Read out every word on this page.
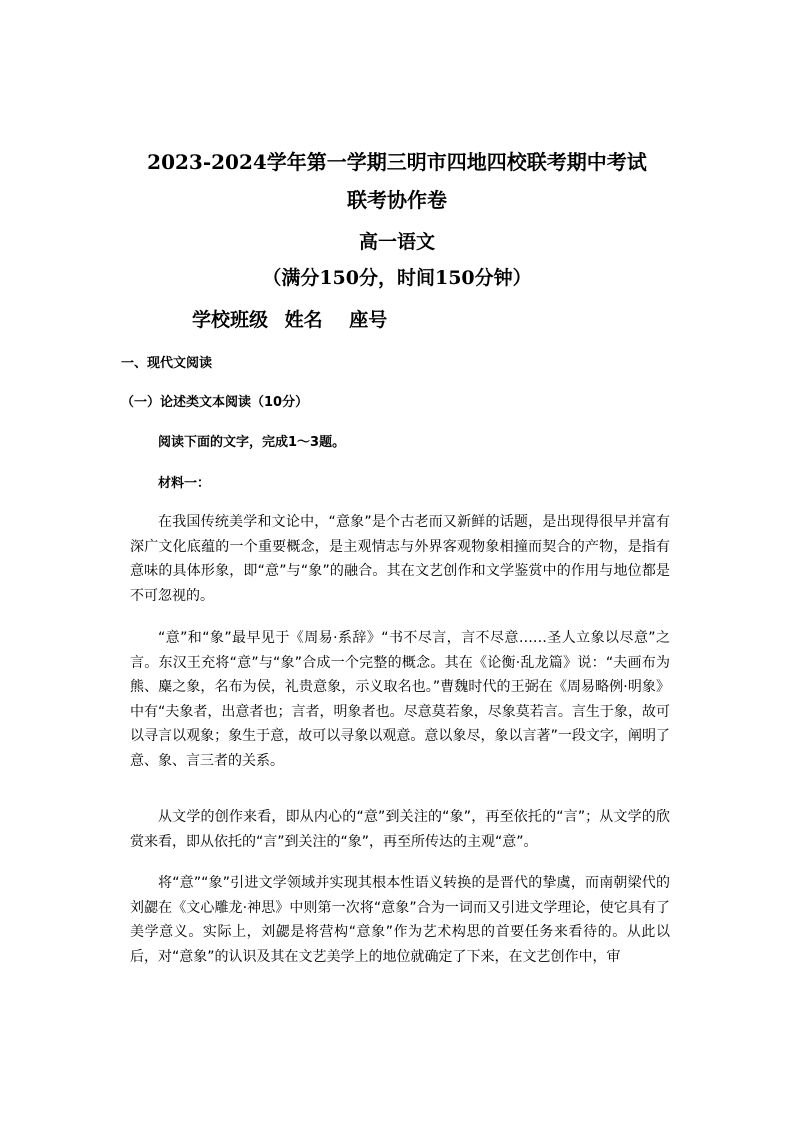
2023-2024学年第一学期三明市四地四校联考期中考试
联考协作卷
高一语文
（满分150分，时间150分钟）
学校班级 姓名 座号
一、现代文阅读
（一）论述类文本阅读（10分）
阅读下面的文字，完成1～3题。
材料一：

在我国传统美学和文论中，“意象”是个古老而又新鲜的话题，是出现得很早并富有深广文化底蕴的一个重要概念，是主观情志与外界客观物象相撞而契合的产物，是指有意味的具体形象，即“意”与“象”的融合。其在文艺创作和文学鉴赏中的作用与地位都是不可忽视的。

“意”和“象”最早见于《周易·系辞》“书不尽言，言不尽意……圣人立象以尽意”之言。东汉王充将“意”与“象”合成一个完整的概念。其在《论衡·乱龙篇》说：“夫画布为熊、麋之象，名布为侯，礼贵意象，示义取名也。”曹魏时代的王弼在《周易略例·明象》中有“夫象者，出意者也；言者，明象者也。尽意莫若象，尽象莫若言。言生于象，故可以寻言以观象；象生于意，故可以寻象以观意。意以象尽，象以言著”一段文字，阐明了意、象、言三者的关系。

从文学的创作来看，即从内心的“意”到关注的“象”，再至依托的“言”；从文学的欣赏来看，即从依托的“言”到关注的“象”，再至所传达的主观“意”。

将“意”“象”引进文学领域并实现其根本性语义转换的是晋代的挚虞，而南朝梁代的刘勰在《文心雕龙·神思》中则第一次将“意象”合为一词而又引进文学理论，使它具有了美学意义。实际上，刘勰是将营构“意象”作为艺术构思的首要任务来看待的。从此以后，对“意象”的认识及其在文艺美学上的地位就确定了下来，在文艺创作中，审
